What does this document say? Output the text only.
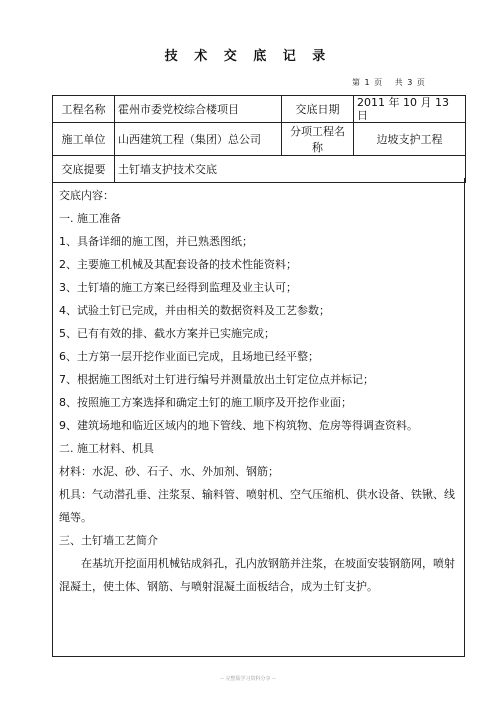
技 术 交 底 记 录
第 1 页　 共 3 页
工程名称	霍州市委党校综合楼项目	交底日期	2011 年 10 月 13 日
施工单位	山西建筑工程（集团）总公司	分项工程名称	边坡支护工程
交底提要	土钉墙支护技术交底		
交底内容：
一. 施工准备
1、具备详细的施工图，并已熟悉图纸；
2、主要施工机械及其配套设备的技术性能资料；
3、土钉墙的施工方案已经得到监理及业主认可；
4、试验土钉已完成，并由相关的数据资料及工艺参数；
5、已有有效的排、截水方案并已实施完成；
6、土方第一层开挖作业面已完成，且场地已经平整；
7、根据施工图纸对土钉进行编号并测量放出土钉定位点并标记；
8、按照施工方案选择和确定土钉的施工顺序及开挖作业面；
9、建筑场地和临近区域内的地下管线、地下构筑物、危房等得调查资料。
二. 施工材料、机具
材料：水泥、砂、石子、水、外加剂、钢筋；
机具：气动潜孔垂、注浆泵、输料管、喷射机、空气压缩机、供水设备、铁锹、线绳等。
三、土钉墙工艺简介
在基坑开挖面用机械钻成斜孔，孔内放钢筋并注浆，在坡面安装钢筋网，喷射混凝土，使土体、钢筋、与喷射混凝土面板结合，成为土钉支护。
-- 完整版学习资料分享 --
